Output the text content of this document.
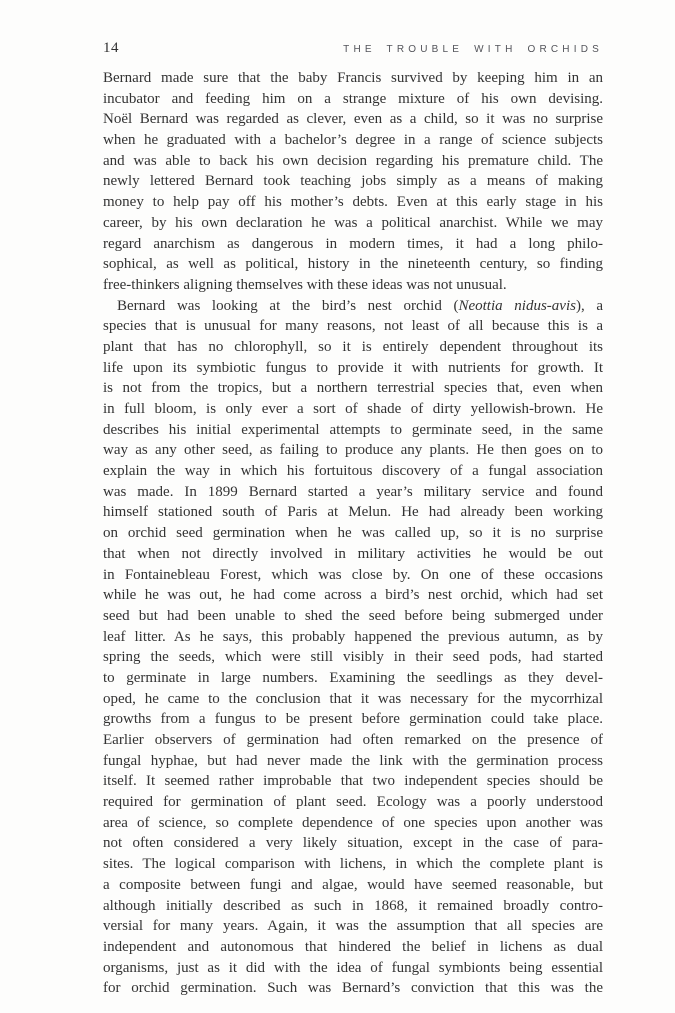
14	THE TROUBLE WITH ORCHIDS
Bernard made sure that the baby Francis survived by keeping him in an
incubator and feeding him on a strange mixture of his own devising.
Noël Bernard was regarded as clever, even as a child, so it was no surprise
when he graduated with a bachelor’s degree in a range of science subjects
and was able to back his own decision regarding his premature child. The
newly lettered Bernard took teaching jobs simply as a means of making
money to help pay off his mother’s debts. Even at this early stage in his
career, by his own declaration he was a political anarchist. While we may
regard anarchism as dangerous in modern times, it had a long philo-
sophical, as well as political, history in the nineteenth century, so finding
free-thinkers aligning themselves with these ideas was not unusual.
Bernard was looking at the bird’s nest orchid (Neottia nidus-avis), a
species that is unusual for many reasons, not least of all because this is a
plant that has no chlorophyll, so it is entirely dependent throughout its
life upon its symbiotic fungus to provide it with nutrients for growth. It
is not from the tropics, but a northern terrestrial species that, even when
in full bloom, is only ever a sort of shade of dirty yellowish-brown. He
describes his initial experimental attempts to germinate seed, in the same
way as any other seed, as failing to produce any plants. He then goes on to
explain the way in which his fortuitous discovery of a fungal association
was made. In 1899 Bernard started a year’s military service and found
himself stationed south of Paris at Melun. He had already been working
on orchid seed germination when he was called up, so it is no surprise
that when not directly involved in military activities he would be out
in Fontainebleau Forest, which was close by. On one of these occasions
while he was out, he had come across a bird’s nest orchid, which had set
seed but had been unable to shed the seed before being submerged under
leaf litter. As he says, this probably happened the previous autumn, as by
spring the seeds, which were still visibly in their seed pods, had started
to germinate in large numbers. Examining the seedlings as they devel-
oped, he came to the conclusion that it was necessary for the mycorrhizal
growths from a fungus to be present before germination could take place.
Earlier observers of germination had often remarked on the presence of
fungal hyphae, but had never made the link with the germination process
itself. It seemed rather improbable that two independent species should be
required for germination of plant seed. Ecology was a poorly understood
area of science, so complete dependence of one species upon another was
not often considered a very likely situation, except in the case of para-
sites. The logical comparison with lichens, in which the complete plant is
a composite between fungi and algae, would have seemed reasonable, but
although initially described as such in 1868, it remained broadly contro-
versial for many years. Again, it was the assumption that all species are
independent and autonomous that hindered the belief in lichens as dual
organisms, just as it did with the idea of fungal symbionts being essential
for orchid germination. Such was Bernard’s conviction that this was the
